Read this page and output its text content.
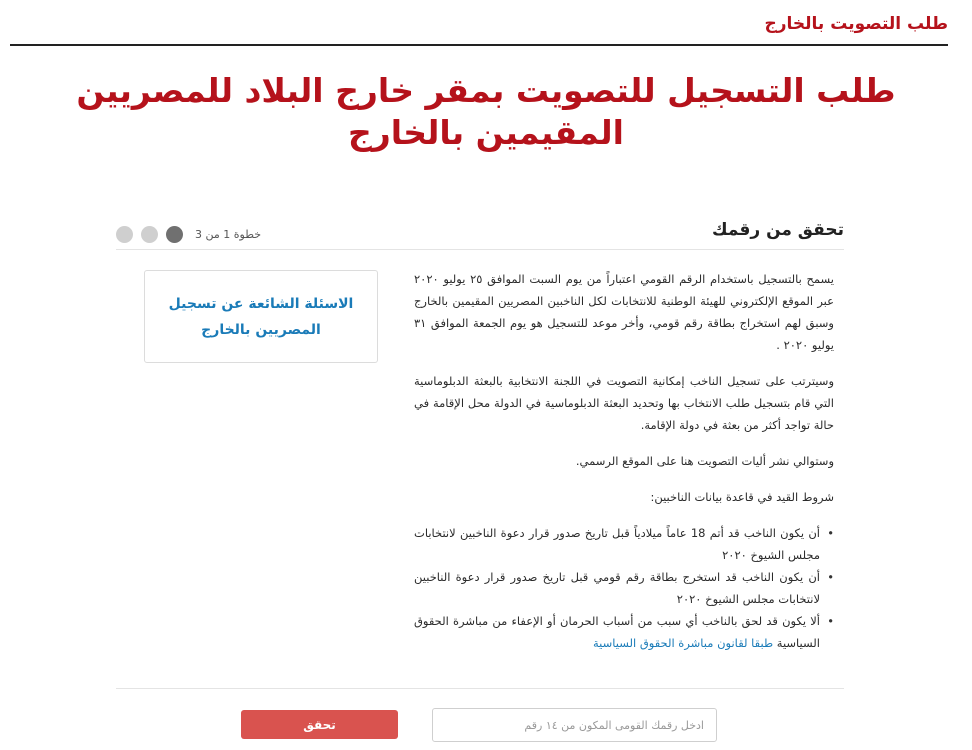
طلب التصويت بالخارج
طلب التسجيل للتصويت بمقر خارج البلاد للمصريين المقيمين بالخارج
تحقق من رقمك
خطوة 1 من 3
الاسئلة الشائعة عن تسجيل المصريين بالخارج

يسمح بالتسجيل باستخدام الرقم القومي اعتباراً من يوم السبت الموافق ٢٥ يوليو ٢٠٢٠ عبر الموقع الإلكتروني للهيئة الوطنية للانتخابات لكل الناخبين المصريين المقيمين بالخارج وسبق لهم استخراج بطاقة رقم قومي، وأخر موعد للتسجيل هو يوم الجمعة الموافق ٣١ يوليو ٢٠٢٠ .

وسيترتب على تسجيل الناخب إمكانية التصويت في اللجنة الانتخابية بالبعثة الدبلوماسية التي قام بتسجيل طلب الانتخاب بها وتحديد البعثة الدبلوماسية في الدولة محل الإقامة في حالة تواجد أكثر من بعثة في دولة الإقامة.

وستوالي نشر أليات التصويت هنا على الموقع الرسمي.

شروط القيد في قاعدة بيانات الناخبين:

• أن يكون الناخب قد أتم 18 عاماً ميلادياً قبل تاريخ صدور قرار دعوة الناخبين لانتخابات مجلس الشيوخ ٢٠٢٠
• أن يكون الناخب قد استخرج بطاقة رقم قومي قبل تاريخ صدور قرار دعوة الناخبين لانتخابات مجلس الشيوخ ٢٠٢٠
• ألا يكون قد لحق بالناخب أي سبب من أسباب الحرمان أو الإعفاء من مباشرة الحقوق السياسية طبقا لقانون مباشرة الحقوق السياسية
ادخل رقمك القومى المكون من ١٤ رقم
تحقق
